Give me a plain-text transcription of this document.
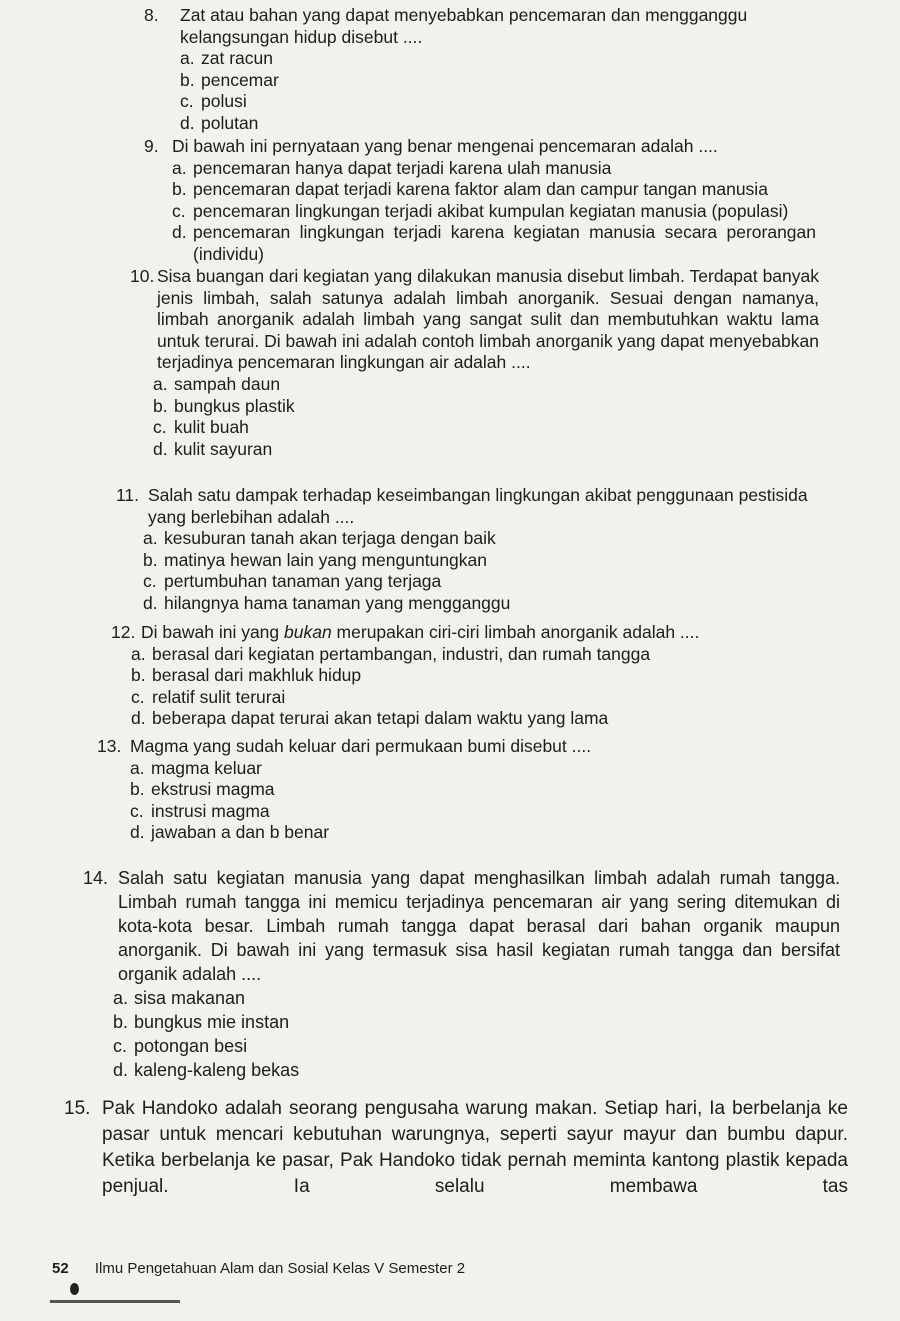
8. Zat atau bahan yang dapat menyebabkan pencemaran dan mengganggu kelangsungan hidup disebut ....
a. zat racun
b. pencemar
c. polusi
d. polutan
9. Di bawah ini pernyataan yang benar mengenai pencemaran adalah ....
a. pencemaran hanya dapat terjadi karena ulah manusia
b. pencemaran dapat terjadi karena faktor alam dan campur tangan manusia
c. pencemaran lingkungan terjadi akibat kumpulan kegiatan manusia (populasi)
d. pencemaran lingkungan terjadi karena kegiatan manusia secara perorangan (individu)
10. Sisa buangan dari kegiatan yang dilakukan manusia disebut limbah. Terdapat banyak jenis limbah, salah satunya adalah limbah anorganik. Sesuai dengan namanya, limbah anorganik adalah limbah yang sangat sulit dan membutuhkan waktu lama untuk terurai. Di bawah ini adalah contoh limbah anorganik yang dapat menyebabkan terjadinya pencemaran lingkungan air adalah ....
a. sampah daun
b. bungkus plastik
c. kulit buah
d. kulit sayuran
11. Salah satu dampak terhadap keseimbangan lingkungan akibat penggunaan pestisida yang berlebihan adalah ....
a. kesuburan tanah akan terjaga dengan baik
b. matinya hewan lain yang menguntungkan
c. pertumbuhan tanaman yang terjaga
d. hilangnya hama tanaman yang mengganggu
12. Di bawah ini yang bukan merupakan ciri-ciri limbah anorganik adalah ....
a. berasal dari kegiatan pertambangan, industri, dan rumah tangga
b. berasal dari makhluk hidup
c. relatif sulit terurai
d. beberapa dapat terurai akan tetapi dalam waktu yang lama
13. Magma yang sudah keluar dari permukaan bumi disebut ....
a. magma keluar
b. ekstrusi magma
c. instrusi magma
d. jawaban a dan b benar
14. Salah satu kegiatan manusia yang dapat menghasilkan limbah adalah rumah tangga. Limbah rumah tangga ini memicu terjadinya pencemaran air yang sering ditemukan di kota-kota besar. Limbah rumah tangga dapat berasal dari bahan organik maupun anorganik. Di bawah ini yang termasuk sisa hasil kegiatan rumah tangga dan bersifat organik adalah ....
a. sisa makanan
b. bungkus mie instan
c. potongan besi
d. kaleng-kaleng bekas
15. Pak Handoko adalah seorang pengusaha warung makan. Setiap hari, Ia berbelanja ke pasar untuk mencari kebutuhan warungnya, seperti sayur mayur dan bumbu dapur. Ketika berbelanja ke pasar, Pak Handoko tidak pernah meminta kantong plastik kepada penjual. Ia selalu membawa tas
52 Ilmu Pengetahuan Alam dan Sosial Kelas V Semester 2
